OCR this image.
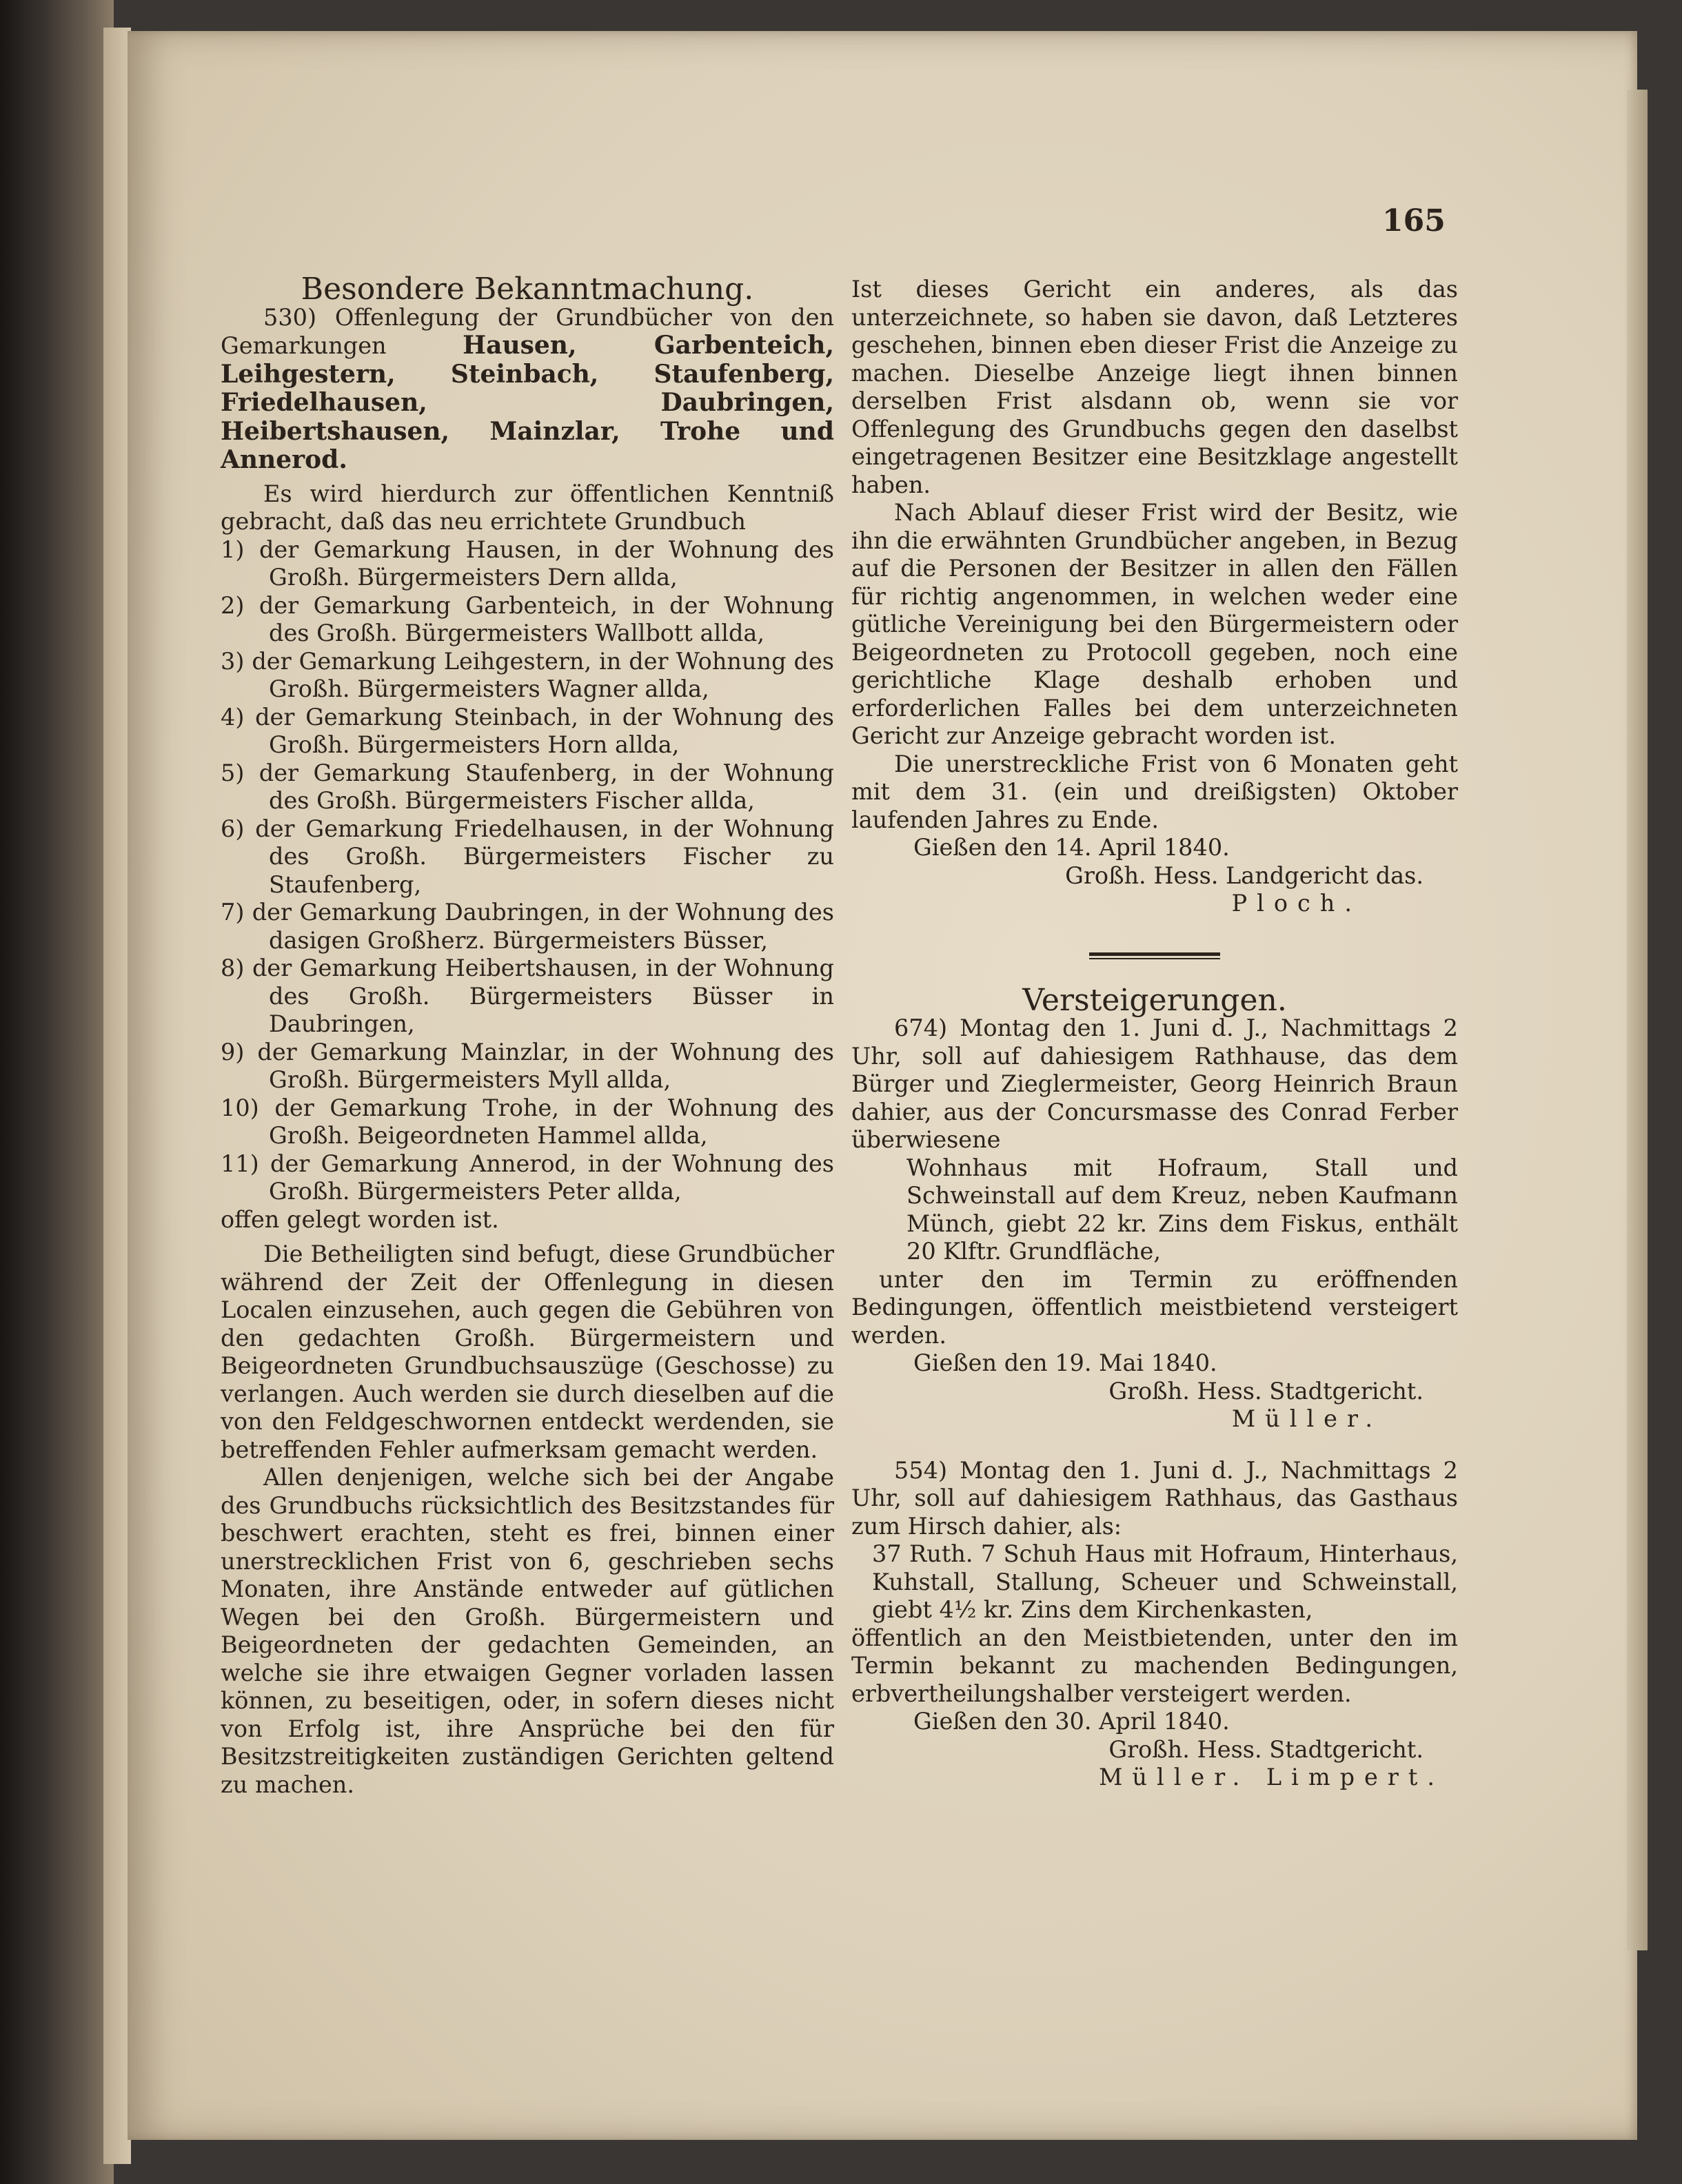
165

Besondere Bekanntmachung.

530) Offenlegung der Grundbücher von den Gemarkungen	Hausen, Garbenteich, Leihgestern, Steinbach, Staufenberg, Friedelhausen, Daubringen, Heibertshausen, Mainzlar, Trohe und Annerod.

Es wird hierdurch zur öffentlichen Kenntniß gebracht, daß das neu errichtete Grundbuch

1) der Gemarkung Hausen, in der Wohnung des Großh. Bürgermeisters Dern allda,

2) der Gemarkung Garbenteich, in der Wohnung des Großh. Bürgermeisters Wallbott allda,

3) der Gemarkung Leihgestern, in der Wohnung des Großh. Bürgermeisters Wagner allda,

4) der Gemarkung Steinbach, in der Wohnung des Großh. Bürgermeisters Horn allda,

5) der Gemarkung Staufenberg, in der Wohnung des Großh. Bürgermeisters Fischer allda,

6) der Gemarkung Friedelhausen, in der Wohnung des Großh. Bürgermeisters Fischer zu Staufenberg,

7) der Gemarkung Daubringen, in der Wohnung des dasigen Großherz. Bürgermeisters Büsser,

8) der Gemarkung Heibertshausen, in der Wohnung des Großh. Bürgermeisters Büsser in Daubringen,

9) der Gemarkung Mainzlar, in der Wohnung des Großh. Bürgermeisters Myll allda,

10) der Gemarkung Trohe, in der Wohnung des Großh. Beigeordneten Hammel allda,

11) der Gemarkung Annerod, in der Wohnung des Großh. Bürgermeisters Peter allda,

offen gelegt worden ist.

Die Betheiligten sind befugt, diese Grundbücher während der Zeit der Offenlegung in diesen Localen einzusehen, auch gegen die Gebühren von den gedachten Großh. Bürgermeistern und Beigeordneten Grundbuchsauszüge (Geschosse) zu verlangen. Auch werden sie durch dieselben auf die von den Feldgeschwornen entdeckt werdenden, sie betreffenden Fehler aufmerksam gemacht werden.

Allen denjenigen, welche sich bei der Angabe des Grundbuchs rücksichtlich des Besitzstandes für beschwert erachten, steht es frei, binnen einer unerstrecklichen Frist von 6, geschrieben sechs Monaten, ihre Anstände entweder auf gütlichen Wegen bei den Großh. Bürgermeistern und Beigeordneten der gedachten Gemeinden, an welche sie ihre etwaigen Gegner vorladen lassen können, zu beseitigen, oder, in sofern dieses nicht von Erfolg ist, ihre Ansprüche bei den für Besitzstreitigkeiten zuständigen Gerichten geltend zu machen.

Ist dieses Gericht ein anderes, als das unterzeichnete, so haben sie davon, daß Letzteres geschehen, binnen eben dieser Frist die Anzeige zu machen. Dieselbe Anzeige liegt ihnen binnen derselben Frist alsdann ob, wenn sie vor Offenlegung des Grundbuchs gegen den daselbst eingetragenen Besitzer eine Besitzklage angestellt haben.

Nach Ablauf dieser Frist wird der Besitz, wie ihn die erwähnten Grundbücher angeben, in Bezug auf die Personen der Besitzer in allen den Fällen für richtig angenommen, in welchen weder eine gütliche Vereinigung bei den Bürgermeistern oder Beigeordneten zu Protocoll gegeben, noch eine gerichtliche Klage deshalb erhoben und erforderlichen Falles bei dem unterzeichneten Gericht zur Anzeige gebracht worden ist.

Die unerstreckliche Frist von 6 Monaten geht mit dem 31. (ein und dreißigsten) Oktober laufenden Jahres zu Ende.

Gießen den 14. April 1840.

Großh. Hess. Landgericht das.

Ploch.

Versteigerungen.

674) Montag den 1. Juni d. J., Nachmittags 2 Uhr, soll auf dahiesigem Rathhause, das dem Bürger und Zieglermeister, Georg Heinrich Braun dahier, aus der Concursmasse des Conrad Ferber überwiesene

Wohnhaus mit Hofraum, Stall und Schweinstall auf dem Kreuz, neben Kaufmann Münch, giebt 22 kr. Zins dem Fiskus, enthält 20 Klftr. Grundfläche,

unter den im Termin zu eröffnenden Bedingungen, öffentlich meistbietend versteigert werden.

Gießen den 19. Mai 1840.

Großh. Hess. Stadtgericht.

Müller.

554) Montag den 1. Juni d. J., Nachmittags 2 Uhr, soll auf dahiesigem Rathhaus, das Gasthaus zum Hirsch dahier, als:

37 Ruth. 7 Schuh Haus mit Hofraum, Hinterhaus, Kuhstall, Stallung, Scheuer und Schweinstall, giebt 4½ kr. Zins dem Kirchenkasten,

öffentlich an den Meistbietenden, unter den im Termin bekannt zu machenden Bedingungen, erbvertheilungshalber versteigert werden.

Gießen den 30. April 1840.

Großh. Hess. Stadtgericht.

Müller. Limpert.
